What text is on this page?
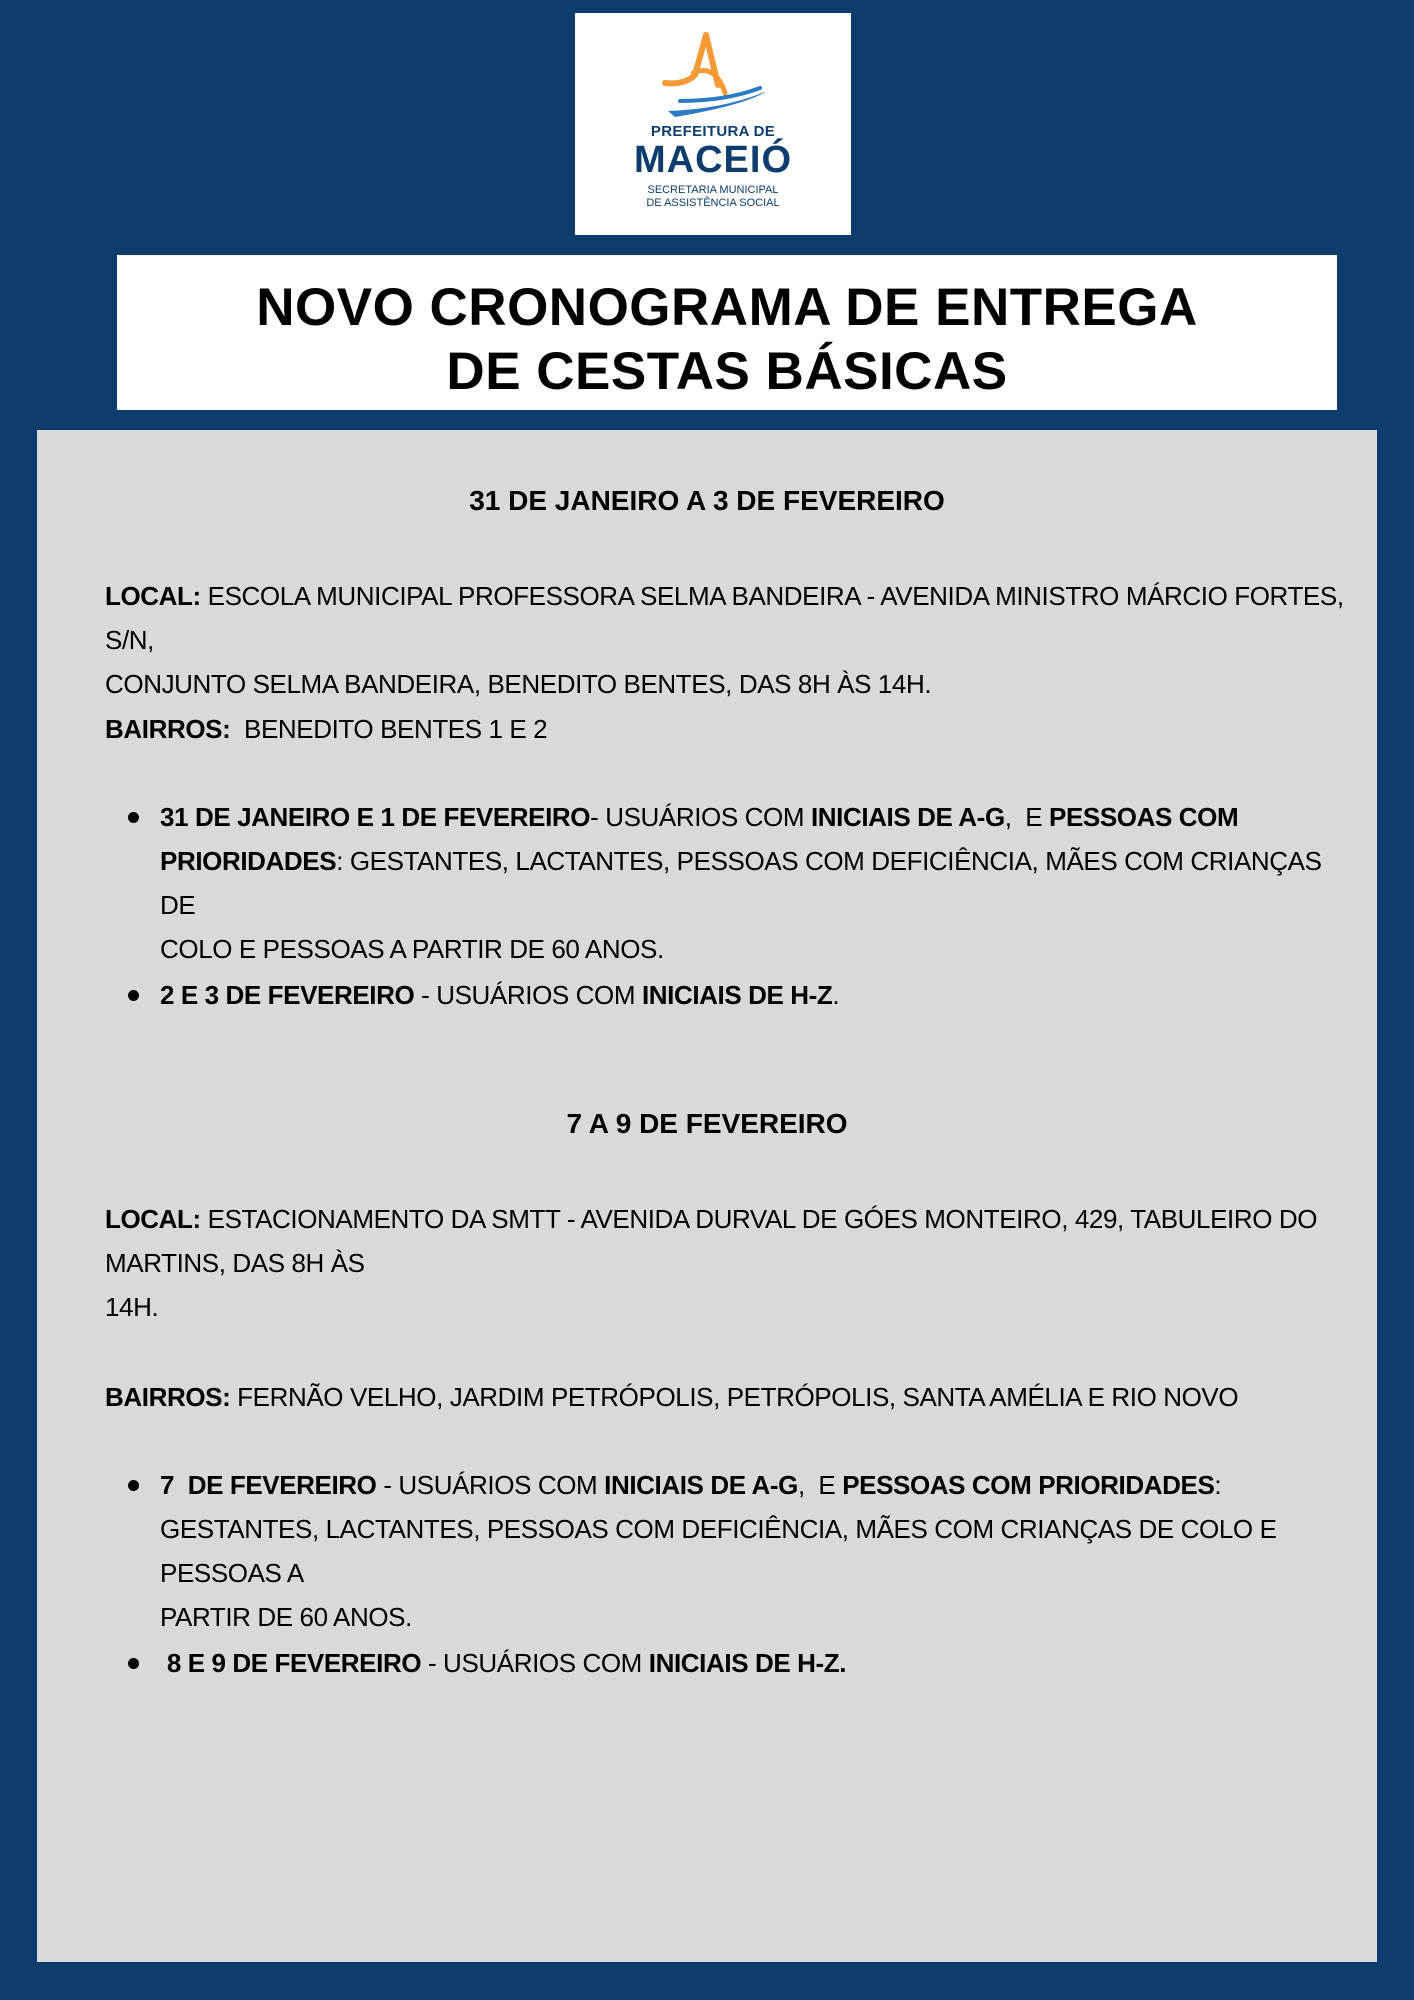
PREFEITURA DE
MACEIÓ
SECRETARIA MUNICIPAL
DE ASSISTÊNCIA SOCIAL
NOVO CRONOGRAMA DE ENTREGA
DE CESTAS BÁSICAS
31 DE JANEIRO A 3 DE FEVEREIRO
LOCAL: ESCOLA MUNICIPAL PROFESSORA SELMA BANDEIRA - AVENIDA MINISTRO MÁRCIO FORTES, S/N,
CONJUNTO SELMA BANDEIRA, BENEDITO BENTES, DAS 8H ÀS 14H.
BAIRROS:  BENEDITO BENTES 1 E 2
31 DE JANEIRO E 1 DE FEVEREIRO- USUÁRIOS COM INICIAIS DE A-G,  E PESSOAS COM
PRIORIDADES: GESTANTES, LACTANTES, PESSOAS COM DEFICIÊNCIA, MÃES COM CRIANÇAS DE
COLO E PESSOAS A PARTIR DE 60 ANOS.
2 E 3 DE FEVEREIRO - USUÁRIOS COM INICIAIS DE H-Z.
7 A 9 DE FEVEREIRO
LOCAL: ESTACIONAMENTO DA SMTT - AVENIDA DURVAL DE GÓES MONTEIRO, 429, TABULEIRO DO
MARTINS, DAS 8H ÀS
14H.
BAIRROS: FERNÃO VELHO, JARDIM PETRÓPOLIS, PETRÓPOLIS, SANTA AMÉLIA E RIO NOVO
7  DE FEVEREIRO - USUÁRIOS COM INICIAIS DE A-G,  E PESSOAS COM PRIORIDADES:
GESTANTES, LACTANTES, PESSOAS COM DEFICIÊNCIA, MÃES COM CRIANÇAS DE COLO E PESSOAS A
PARTIR DE 60 ANOS.
8 E 9 DE FEVEREIRO - USUÁRIOS COM INICIAIS DE H-Z.
